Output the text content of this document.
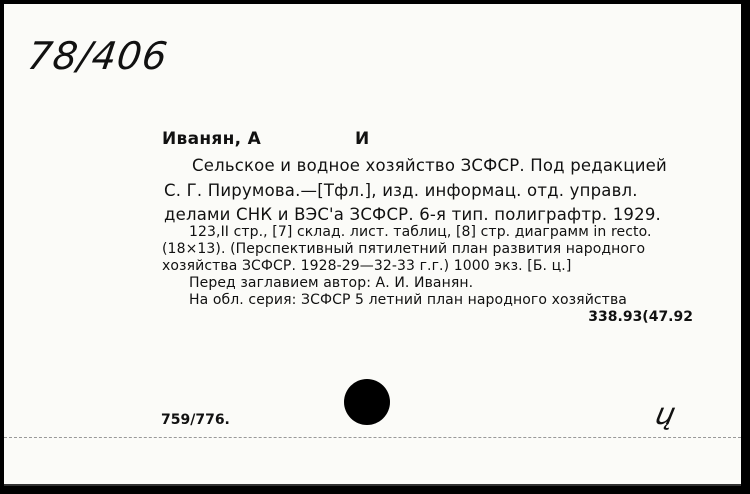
78/406
Иванян, А	И
Сельское и водное хозяйство ЗСФСР. Под редакцией
С. Г. Пирумова.—[Тфл.], изд. информац. отд. управл.
делами СНК и ВЭС'а ЗСФСР. 6-я тип. полиграфтр. 1929.
123,II стр., [7] склад. лист. таблиц, [8] стр. диаграмм in recto.
(18×13). (Перспективный пятилетний план развития народного
хозяйства ЗСФСР. 1928-29—32-33 г.г.) 1000 экз. [Б. ц.]
Перед заглавием автор: А. И. Иванян.
На обл. серия: ЗСФСР 5 летний план народного хозяйства
338.93(47.92
759/776.	ų
